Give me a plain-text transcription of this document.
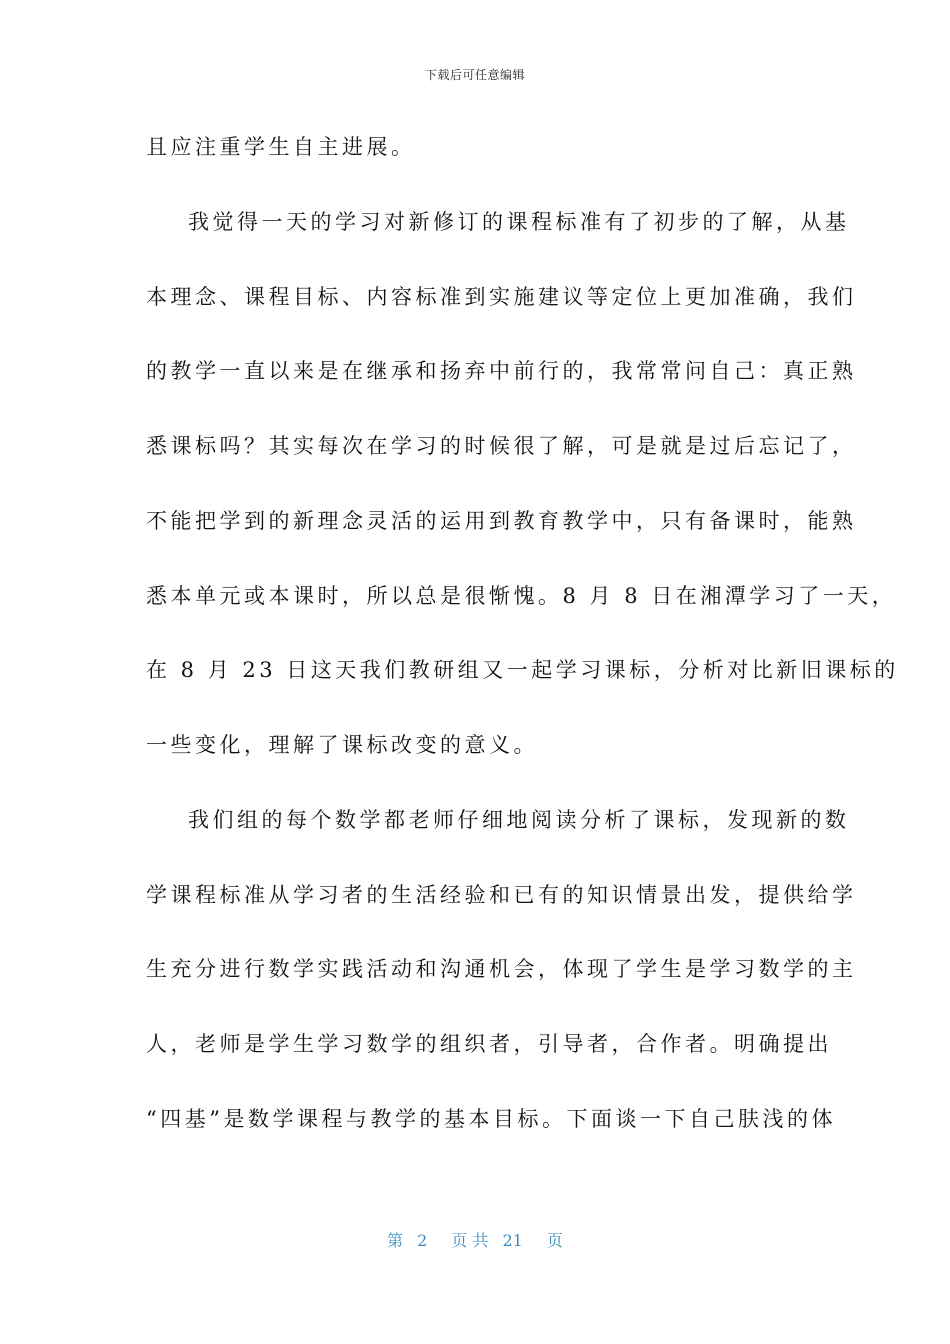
下载后可任意编辑
且应注重学生自主进展。
我觉得一天的学习对新修订的课程标准有了初步的了解，从基
本理念、课程目标、内容标准到实施建议等定位上更加准确，我们
的教学一直以来是在继承和扬弃中前行的，我常常问自己：真正熟
悉课标吗？其实每次在学习的时候很了解，可是就是过后忘记了，
不能把学到的新理念灵活的运用到教育教学中，只有备课时，能熟
悉本单元或本课时，所以总是很惭愧。8 月 8 日在湘潭学习了一天，
在 8 月 23 日这天我们教研组又一起学习课标，分析对比新旧课标的
一些变化，理解了课标改变的意义。
我们组的每个数学都老师仔细地阅读分析了课标，发现新的数
学课程标准从学习者的生活经验和已有的知识情景出发，提供给学
生充分进行数学实践活动和沟通机会，体现了学生是学习数学的主
人，老师是学生学习数学的组织者，引导者，合作者。明确提出
“四基”是数学课程与教学的基本目标。下面谈一下自己肤浅的体
第 2 页 共 21 页
